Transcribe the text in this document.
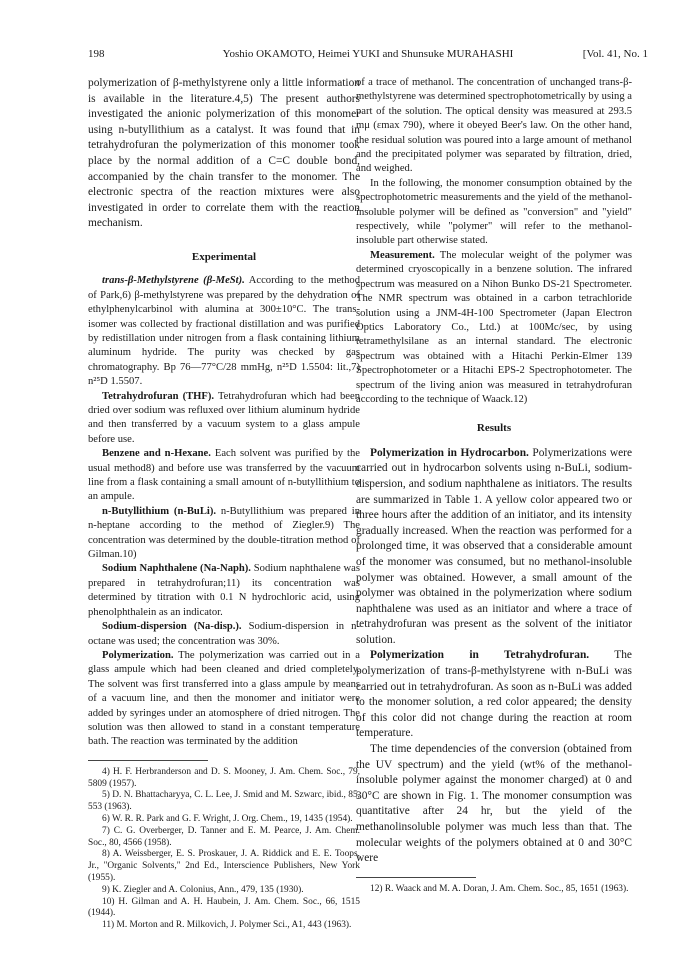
198	Yoshio OKAMOTO, Heimei YUKI and Shunsuke MURAHASHI	[Vol. 41, No. 1

polymerization of β-methylstyrene only a little information is available in the literature.4,5) The present authors investigated the anionic polymerization of this monomer using n-butyllithium as a catalyst. It was found that in tetrahydrofuran the polymerization of this monomer took place by the normal addition of a C=C double bond, accompanied by the chain transfer to the monomer. The electronic spectra of the reaction mixtures were also investigated in order to correlate them with the reaction mechanism.

Experimental

trans-β-Methylstyrene (β-MeSt). According to the method of Park,6) β-methylstyrene was prepared by the dehydration of ethylphenylcarbinol with alumina at 300±10°C. The trans-isomer was collected by fractional distillation and was purified by redistillation under nitrogen from a flask containing lithium aluminum hydride. The purity was checked by gas chromatography. Bp 76—77°C/28 mmHg, n²⁵D 1.5504: lit.,7) n²⁵D 1.5507.

Tetrahydrofuran (THF). Tetrahydrofuran which had been dried over sodium was refluxed over lithium aluminum hydride and then transferred by a vacuum system to a glass ampule before use.

Benzene and n-Hexane. Each solvent was purified by the usual method8) and before use was transferred by the vacuum line from a flask containing a small amount of n-butyllithium to an ampule.

n-Butyllithium (n-BuLi). n-Butyllithium was prepared in n-heptane according to the method of Ziegler.9) The concentration was determined by the double-titration method of Gilman.10)

Sodium Naphthalene (Na-Naph). Sodium naphthalene was prepared in tetrahydrofuran;11) its concentration was determined by titration with 0.1 N hydrochloric acid, using phenolphthalein as an indicator.

Sodium-dispersion (Na-disp.). Sodium-dispersion in n-octane was used; the concentration was 30%.

Polymerization. The polymerization was carried out in a glass ampule which had been cleaned and dried completely. The solvent was first transferred into a glass ampule by means of a vacuum line, and then the monomer and initiator were added by syringes under an atomosphere of dried nitrogen. The solution was then allowed to stand in a constant temperature bath. The reaction was terminated by the addition

4) H. F. Herbranderson and D. S. Mooney, J. Am. Chem. Soc., 79, 5809 (1957).

5) D. N. Bhattacharyya, C. L. Lee, J. Smid and M. Szwarc, ibid., 85, 553 (1963).

6) W. R. R. Park and G. F. Wright, J. Org. Chem., 19, 1435 (1954).

7) C. G. Overberger, D. Tanner and E. M. Pearce, J. Am. Chem. Soc., 80, 4566 (1958).

8) A. Weissberger, E. S. Proskauer, J. A. Riddick and E. E. Toops, Jr., "Organic Solvents," 2nd Ed., Interscience Publishers, New York (1955).

9) K. Ziegler and A. Colonius, Ann., 479, 135 (1930).

10) H. Gilman and A. H. Haubein, J. Am. Chem. Soc., 66, 1515 (1944).

11) M. Morton and R. Milkovich, J. Polymer Sci., A1, 443 (1963).

of a trace of methanol. The concentration of unchanged trans-β-methylstyrene was determined spectrophotometrically by using a part of the solution. The optical density was measured at 293.5 mμ (εmax 790), where it obeyed Beer's law. On the other hand, the residual solution was poured into a large amount of methanol and the precipitated polymer was separated by filtration, dried, and weighed.

In the following, the monomer consumption obtained by the spectrophotometric measurements and the yield of the methanol-insoluble polymer will be defined as "conversion" and "yield" respectively, while "polymer" will refer to the methanol-insoluble part otherwise stated.

Measurement. The molecular weight of the polymer was determined cryoscopically in a benzene solution. The infrared spectrum was measured on a Nihon Bunko DS-21 Spectrometer. The NMR spectrum was obtained in a carbon tetrachloride solution using a JNM-4H-100 Spectrometer (Japan Electron Optics Laboratory Co., Ltd.) at 100Mc/sec, by using tetramethylsilane as an internal standard. The electronic spectrum was obtained with a Hitachi Perkin-Elmer 139 Spectrophotometer or a Hitachi EPS-2 Spectrophotometer. The spectrum of the living anion was measured in tetrahydrofuran according to the technique of Waack.12)

Results

Polymerization in Hydrocarbon. Polymerizations were carried out in hydrocarbon solvents using n-BuLi, sodium-dispersion, and sodium naphthalene as initiators. The results are summarized in Table 1. A yellow color appeared two or three hours after the addition of an initiator, and its intensity gradually increased. When the reaction was performed for a prolonged time, it was observed that a considerable amount of the monomer was consumed, but no methanol-insoluble polymer was obtained. However, a small amount of the polymer was obtained in the polymerization where sodium naphthalene was used as an initiator and where a trace of tetrahydrofuran was present as the solvent of the initiator solution.

Polymerization in Tetrahydrofuran. The polymerization of trans-β-methylstyrene with n-BuLi was carried out in tetrahydrofuran. As soon as n-BuLi was added to the monomer solution, a red color appeared; the density of this color did not change during the reaction at room temperature.

The time dependencies of the conversion (obtained from the UV spectrum) and the yield (wt% of the methanol-insoluble polymer against the monomer charged) at 0 and 30°C are shown in Fig. 1. The monomer consumption was quantitative after 24 hr, but the yield of the methanolinsoluble polymer was much less than that. The molecular weights of the polymers obtained at 0 and 30°C were

12) R. Waack and M. A. Doran, J. Am. Chem. Soc., 85, 1651 (1963).
